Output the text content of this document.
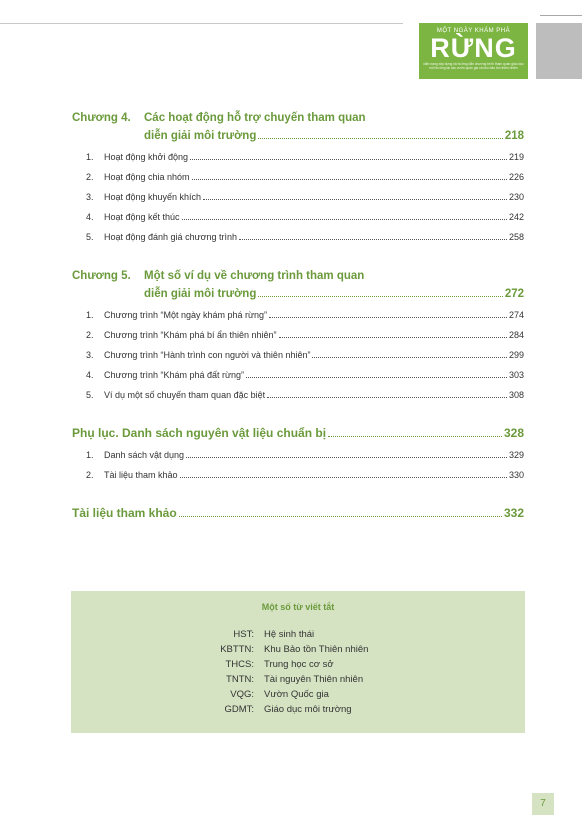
MỘT NGÀY KHÁM PHÁ
RỪNG
cẩm nang xây dựng và hướng dẫn chương trình tham quan giáo dục môi trường tại các vườn quốc gia và khu bảo tồn thiên nhiên
Chương 4.	Các hoạt động hỗ trợ chuyến tham quan
diễn giải môi trường	218
1.	Hoạt động khởi động	219
2.	Hoạt động chia nhóm	226
3.	Hoạt động khuyến khích	230
4.	Hoạt động kết thúc	242
5.	Hoạt động đánh giá chương trình	258
Chương 5.	Một số ví dụ về chương trình tham quan
diễn giải môi trường	272
1.	Chương trình “Một ngày khám phá rừng”	274
2.	Chương trình “Khám phá bí ẩn thiên nhiên”	284
3.	Chương trình “Hành trình con người và thiên nhiên”	299
4.	Chương trình “Khám phá đất rừng”	303
5.	Ví dụ một số chuyến tham quan đặc biệt	308
Phụ lục. Danh sách nguyên vật liệu chuẩn bị	328
1.	Danh sách vật dụng	329
2.	Tài liệu tham khảo	330
Tài liệu tham khảo	332
Một số từ viết tắt
HST:	Hệ sinh thái
KBTTN:	Khu Bảo tồn Thiên nhiên
THCS:	Trung học cơ sở
TNTN:	Tài nguyên Thiên nhiên
VQG:	Vườn Quốc gia
GDMT:	Giáo dục môi trường
7
